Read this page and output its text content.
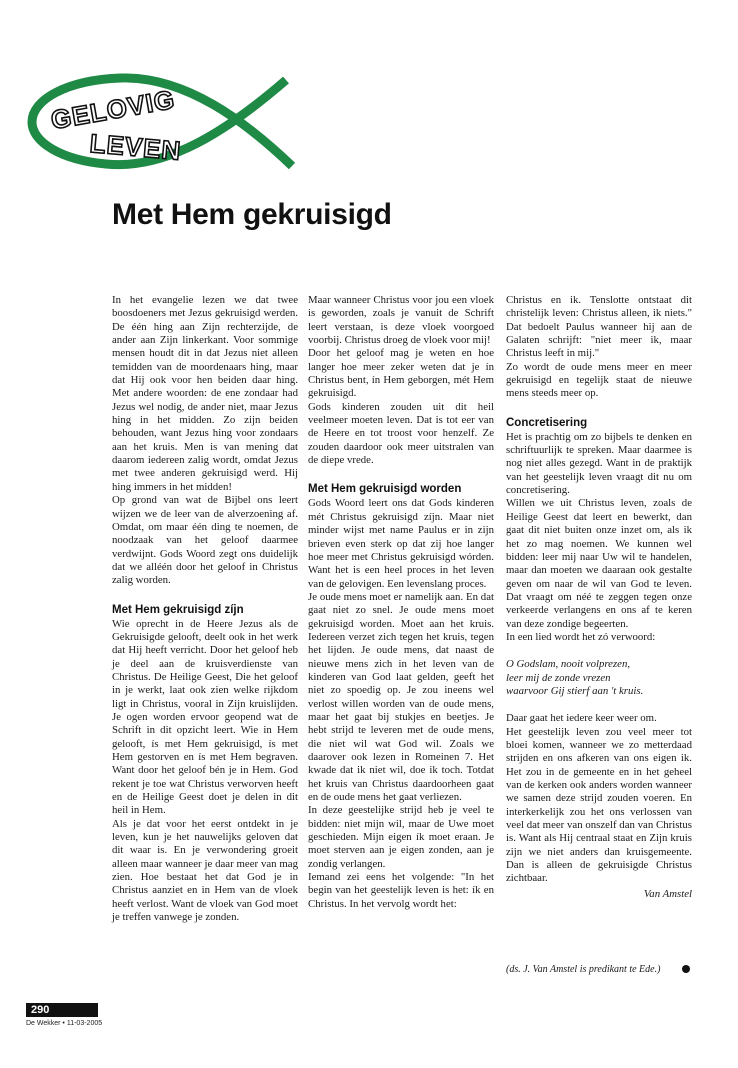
GELOVIG
LEVEN
Met Hem gekruisigd

In het evangelie lezen we dat twee boosdoeners met Jezus gekruisigd werden. De één hing aan Zijn rechterzijde, de ander aan Zijn linkerkant. Voor sommige mensen houdt dit in dat Jezus niet alleen temidden van de moordenaars hing, maar dat Hij ook voor hen beiden daar hing. Met andere woorden: de ene zondaar had Jezus wel nodig, de ander niet, maar Jezus hing in het midden. Zo zijn beiden behouden, want Jezus hing voor zondaars aan het kruis. Men is van mening dat daarom iedereen zalig wordt, omdat Jezus met twee anderen gekruisigd werd. Hij hing immers in het midden!

Op grond van wat de Bijbel ons leert wijzen we de leer van de alverzoening af. Omdat, om maar één ding te noemen, de noodzaak van het geloof daarmee verdwijnt. Gods Woord zegt ons duidelijk dat we alléén door het geloof in Christus zalig worden.

Met Hem gekruisigd zíjn

Wie oprecht in de Heere Jezus als de Gekruisigde gelooft, deelt ook in het werk dat Hij heeft verricht. Door het geloof heb je deel aan de kruisverdienste van Christus. De Heilige Geest, Die het geloof in je werkt, laat ook zien welke rijkdom ligt in Christus, vooral in Zijn kruislijden. Je ogen worden ervoor geopend wat de Schrift in dit opzicht leert. Wie in Hem gelooft, ís met Hem gekruisigd, ís met Hem gestorven en ís met Hem begraven. Want door het geloof bén je in Hem. God rekent je toe wat Christus verworven heeft en de Heilige Geest doet je delen in dit heil in Hem.

Als je dat voor het eerst ontdekt in je leven, kun je het nauwelijks geloven dat dit waar is. En je verwondering groeit alleen maar wanneer je daar meer van mag zien. Hoe bestaat het dat God je in Christus aanziet en in Hem van de vloek heeft verlost. Want de vloek van God moet je treffen vanwege je zonden.

Maar wanneer Christus voor jou een vloek is geworden, zoals je vanuit de Schrift leert verstaan, is deze vloek voorgoed voorbij. Christus droeg de vloek voor mij!

Door het geloof mag je weten en hoe langer hoe meer zeker weten dat je ín Christus bent, ín Hem geborgen, mét Hem gekruisigd.

Gods kinderen zouden uit dit heil veelmeer moeten leven. Dat is tot eer van de Heere en tot troost voor henzelf. Ze zouden daardoor ook meer uitstralen van de diepe vrede.

Met Hem gekruisigd worden

Gods Woord leert ons dat Gods kinderen mét Christus gekruisigd zíjn. Maar niet minder wijst met name Paulus er in zijn brieven even sterk op dat zij hoe langer hoe meer met Christus gekruisigd wórden. Want het is een heel proces in het leven van de gelovigen. Een levenslang proces.

Je oude mens moet er namelijk aan. En dat gaat niet zo snel. Je oude mens moet gekruisigd worden. Moet aan het kruis. Iedereen verzet zich tegen het kruis, tegen het lijden. Je oude mens, dat naast de nieuwe mens zich in het leven van de kinderen van God laat gelden, geeft het niet zo spoedig op. Je zou ineens wel verlost willen worden van de oude mens, maar het gaat bij stukjes en beetjes. Je hebt strijd te leveren met de oude mens, die niet wil wat God wil. Zoals we daarover ook lezen in Romeinen 7. Het kwade dat ik niet wil, doe ik toch. Totdat het kruis van Christus daardoorheen gaat en de oude mens het gaat verliezen.

In deze geestelijke strijd heb je veel te bidden: niet mijn wil, maar de Uwe moet geschieden. Mijn eigen ík moet eraan. Je moet sterven aan je eigen zonden, aan je zondig verlangen.

Iemand zei eens het volgende: "In het begin van het geestelijk leven is het: ík en Christus. In het vervolg wordt het:

Christus en ik. Tenslotte ontstaat dit christelijk leven: Christus alleen, ik niets." Dat bedoelt Paulus wanneer hij aan de Galaten schrijft: "niet meer ik, maar Christus leeft in mij."

Zo wordt de oude mens meer en meer gekruisigd en tegelijk staat de nieuwe mens steeds meer op.

Concretisering

Het is prachtig om zo bijbels te denken en schriftuurlijk te spreken. Maar daarmee is nog niet alles gezegd. Want in de praktijk van het geestelijk leven vraagt dit nu om concretisering.

Willen we uit Christus leven, zoals de Heilige Geest dat leert en bewerkt, dan gaat dit niet buiten onze inzet om, als ik het zo mag noemen. We kunnen wel bidden: leer mij naar Uw wil te handelen, maar dan moeten we daaraan ook gestalte geven om naar de wil van God te leven. Dat vraagt om néé te zeggen tegen onze verkeerde verlangens en ons af te keren van deze zondige begeerten.

In een lied wordt het zó verwoord:

O Godslam, nooit volprezen,
leer mij de zonde vrezen
waarvoor Gij stierf aan 't kruis.

Daar gaat het iedere keer weer om.

Het geestelijk leven zou veel meer tot bloei komen, wanneer we zo metterdaad strijden en ons afkeren van ons eigen ik. Het zou in de gemeente en in het geheel van de kerken ook anders worden wanneer we samen deze strijd zouden voeren. En interkerkelijk zou het ons verlossen van veel dat meer van onszelf dan van Christus is. Want als Hij centraal staat en Zijn kruis zijn we niet anders dan kruisgemeente. Dan is alleen de gekruisigde Christus zichtbaar.

Van Amstel

(ds. J. Van Amstel is predikant te Ede.)
290
De Wekker • 11-03-2005
